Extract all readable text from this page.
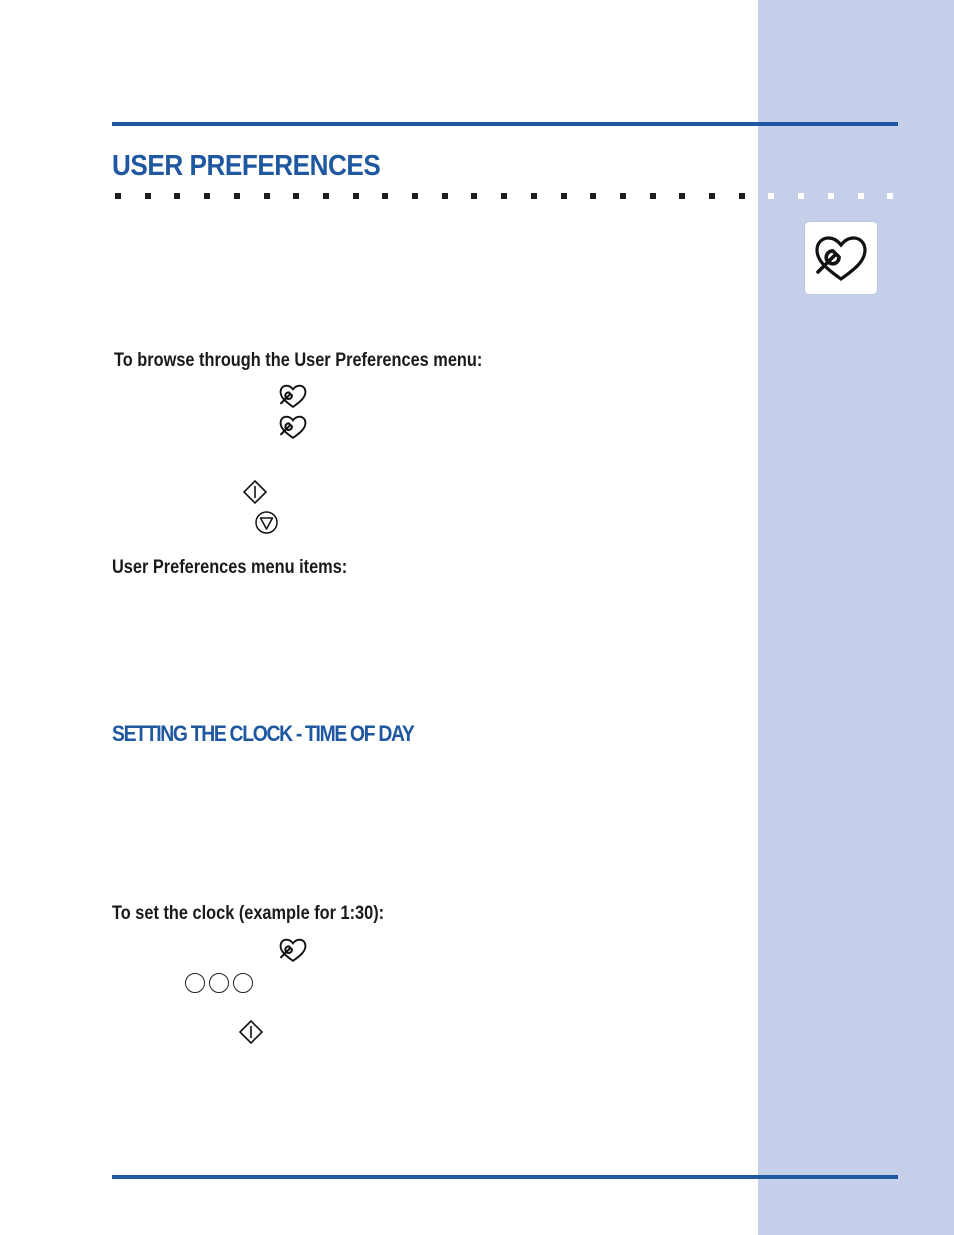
USER PREFERENCES

To browse through the User Preferences menu:

User Preferences menu items:

SETTING THE CLOCK - TIME OF DAY

To set the clock (example for 1:30):
